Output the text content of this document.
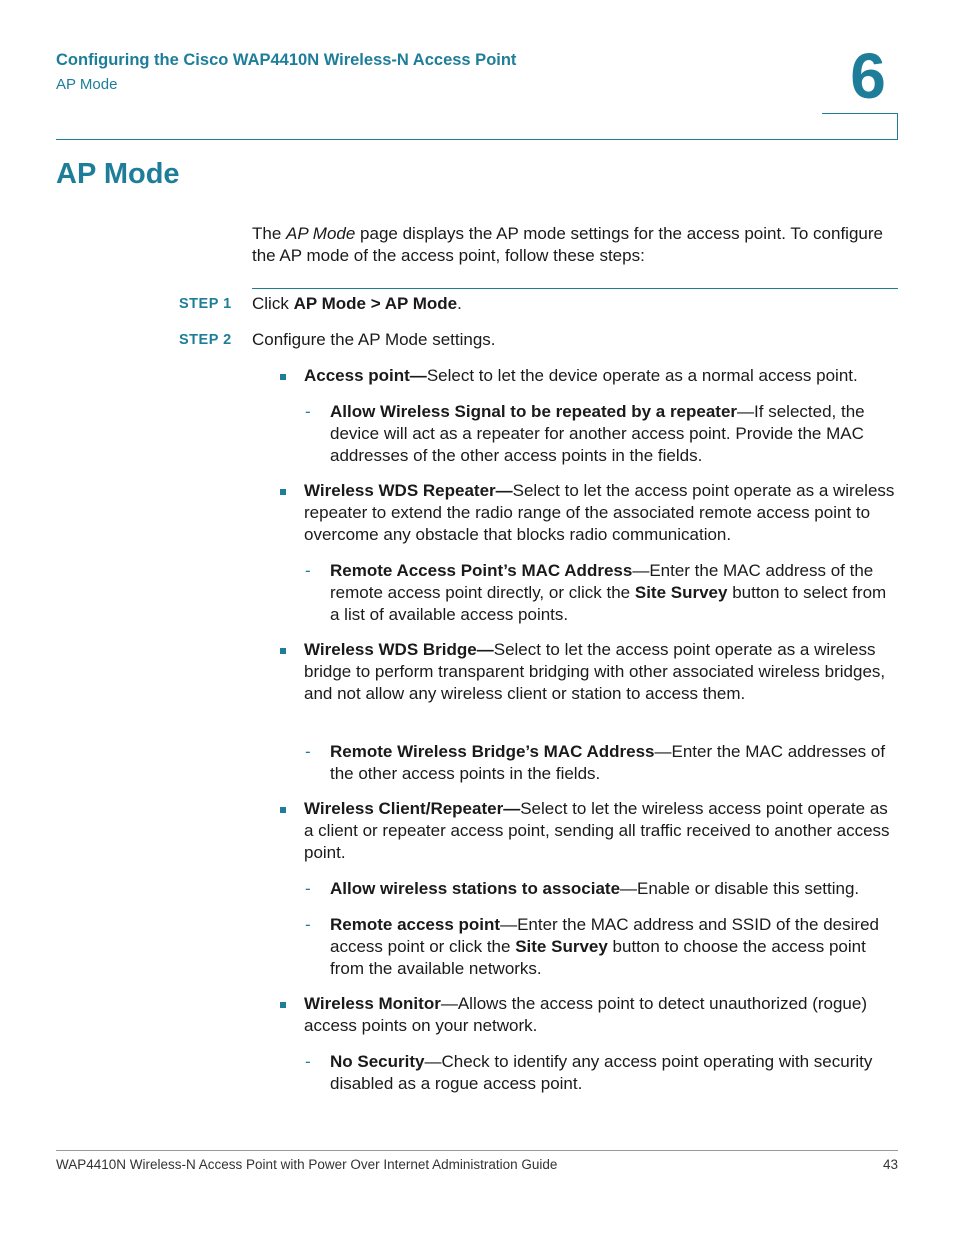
Configuring the Cisco WAP4410N Wireless-N Access Point
AP Mode	6
AP Mode

The AP Mode page displays the AP mode settings for the access point. To configure the AP mode of the access point, follow these steps:

STEP 1	Click AP Mode > AP Mode.
STEP 2	Configure the AP Mode settings.
Access point—Select to let the device operate as a normal access point.
- Allow Wireless Signal to be repeated by a repeater—If selected, the device will act as a repeater for another access point. Provide the MAC addresses of the other access points in the fields.
Wireless WDS Repeater—Select to let the access point operate as a wireless repeater to extend the radio range of the associated remote access point to overcome any obstacle that blocks radio communication.
- Remote Access Point’s MAC Address—Enter the MAC address of the remote access point directly, or click the Site Survey button to select from a list of available access points.
Wireless WDS Bridge—Select to let the access point operate as a wireless bridge to perform transparent bridging with other associated wireless bridges, and not allow any wireless client or station to access them.
- Remote Wireless Bridge’s MAC Address—Enter the MAC addresses of the other access points in the fields.
Wireless Client/Repeater—Select to let the wireless access point operate as a client or repeater access point, sending all traffic received to another access point.
- Allow wireless stations to associate—Enable or disable this setting.
- Remote access point—Enter the MAC address and SSID of the desired access point or click the Site Survey button to choose the access point from the available networks.
Wireless Monitor—Allows the access point to detect unauthorized (rogue) access points on your network.
- No Security—Check to identify any access point operating with security disabled as a rogue access point.
WAP4410N Wireless-N Access Point with Power Over Internet Administration Guide	43
